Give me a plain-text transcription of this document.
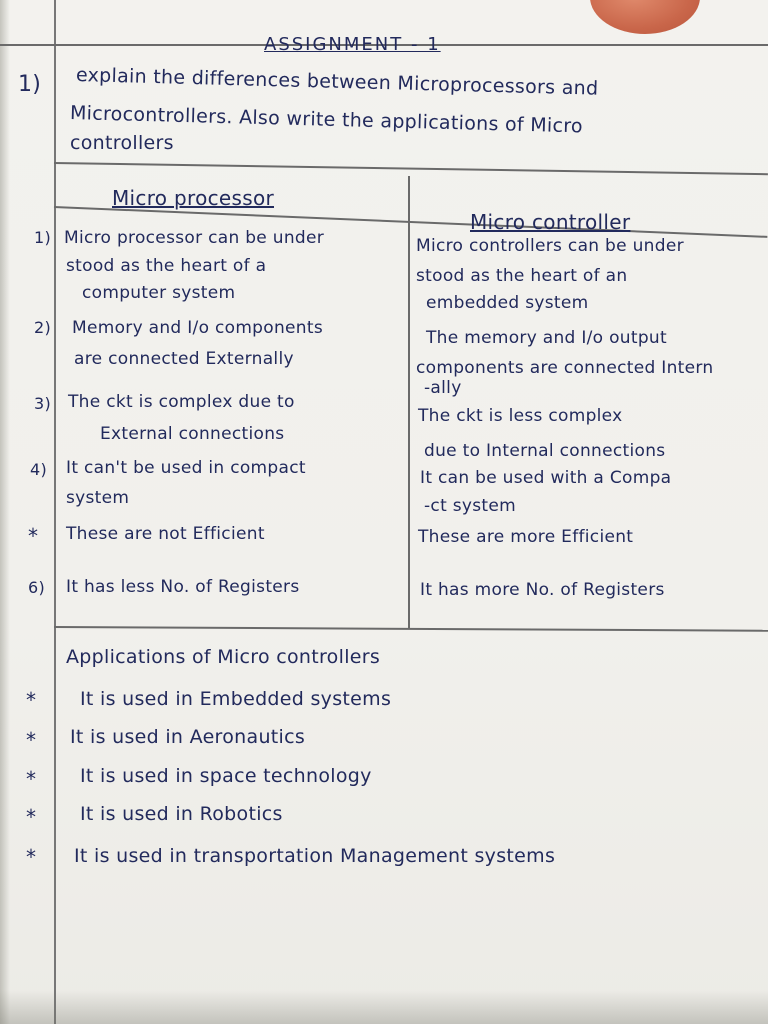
ASSIGNMENT - 1

1) explain the differences between Microprocessors and

Microcontrollers. Also write the applications of Micro

controllers

Micro processor

Micro controller

1) Micro processor can be under

stood as the heart of a

computer system

Micro controllers can be under

stood as the heart of an

embedded system

2) Memory and I/o components

are connected Externally

The memory and I/o output

components are connected Intern

-ally

3) The ckt is complex due to

External connections

The ckt is less complex

due to Internal connections

4) It can't be used in compact

system

It can be used with a Compa

-ct system

* These are not Efficient	These are more Efficient

6) It has less No. of Registers	It has more No. of Registers

Applications of Micro controllers

* It is used in Embedded systems

* It is used in Aeronautics

* It is used in space technology

* It is used in Robotics

* It is used in transportation Management systems
